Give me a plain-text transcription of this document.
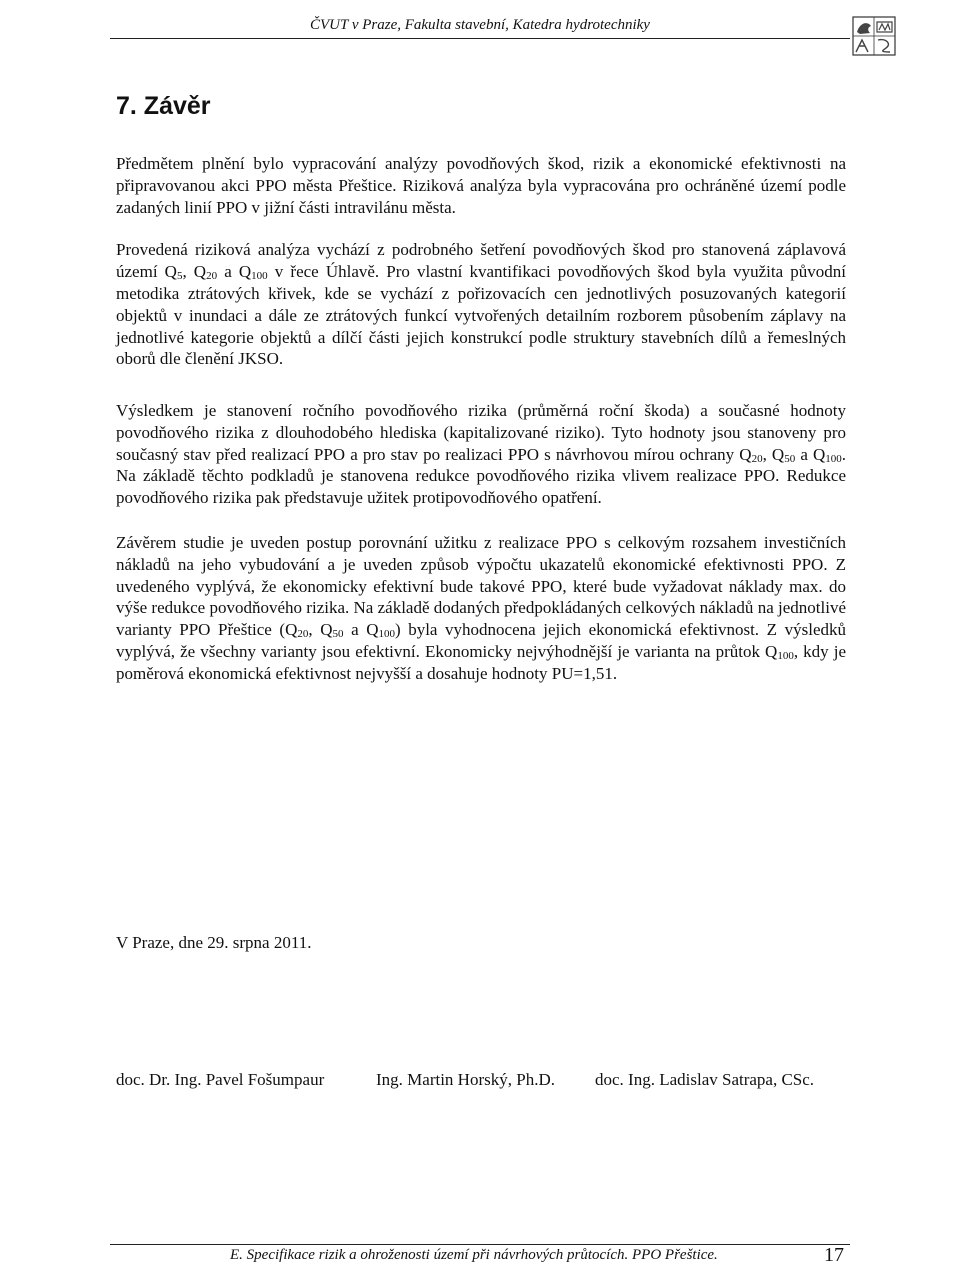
ČVUT v Praze, Fakulta stavební, Katedra hydrotechniky
7. Závěr

Předmětem plnění bylo vypracování analýzy povodňových škod, rizik a ekonomické efektivnosti na připravovanou akci PPO města Přeštice. Riziková analýza byla vypracována pro ochráněné území podle zadaných linií PPO v jižní části intravilánu města.

Provedená riziková analýza vychází z podrobného šetření povodňových škod pro stanovená záplavová území $Q_5$, $Q_{20}$ a $Q_{100}$ v řece Úhlavě. Pro vlastní kvantifikaci povodňových škod byla využita původní metodika ztrátových křivek, kde se vychází z pořizovacích cen jednotlivých posuzovaných kategorií objektů v inundaci a dále ze ztrátových funkcí vytvořených detailním rozborem působením záplavy na jednotlivé kategorie objektů a dílčí části jejich konstrukcí podle struktury stavebních dílů a řemeslných oborů dle členění JKSO.

Výsledkem je stanovení ročního povodňového rizika (průměrná roční škoda) a současné hodnoty povodňového rizika z dlouhodobého hlediska (kapitalizované riziko). Tyto hodnoty jsou stanoveny pro současný stav před realizací PPO a pro stav po realizaci PPO s návrhovou mírou ochrany $Q_{20}$, $Q_{50}$ a $Q_{100}$. Na základě těchto podkladů je stanovena redukce povodňového rizika vlivem realizace PPO. Redukce povodňového rizika pak představuje užitek protipovodňového opatření.

Závěrem studie je uveden postup porovnání užitku z realizace PPO s celkovým rozsahem investičních nákladů na jeho vybudování a je uveden způsob výpočtu ukazatelů ekonomické efektivnosti PPO. Z uvedeného vyplývá, že ekonomicky efektivní bude takové PPO, které bude vyžadovat náklady max. do výše redukce povodňového rizika. Na základě dodaných předpokládaných celkových nákladů na jednotlivé varianty PPO Přeštice ($Q_{20}$, $Q_{50}$ a $Q_{100}$) byla vyhodnocena jejich ekonomická efektivnost. Z výsledků vyplývá, že všechny varianty jsou efektivní. Ekonomicky nejvýhodnější je varianta na průtok $Q_{100}$, kdy je poměrová ekonomická efektivnost nejvyšší a dosahuje hodnoty PU=1,51.

V Praze, dne 29. srpna 2011.
doc. Dr. Ing. Pavel Fošumpaur	Ing. Martin Horský, Ph.D. doc. Ing. Ladislav Satrapa, CSc.
E. Specifikace rizik a ohroženosti území při návrhových průtocích. PPO Přeštice.	17
